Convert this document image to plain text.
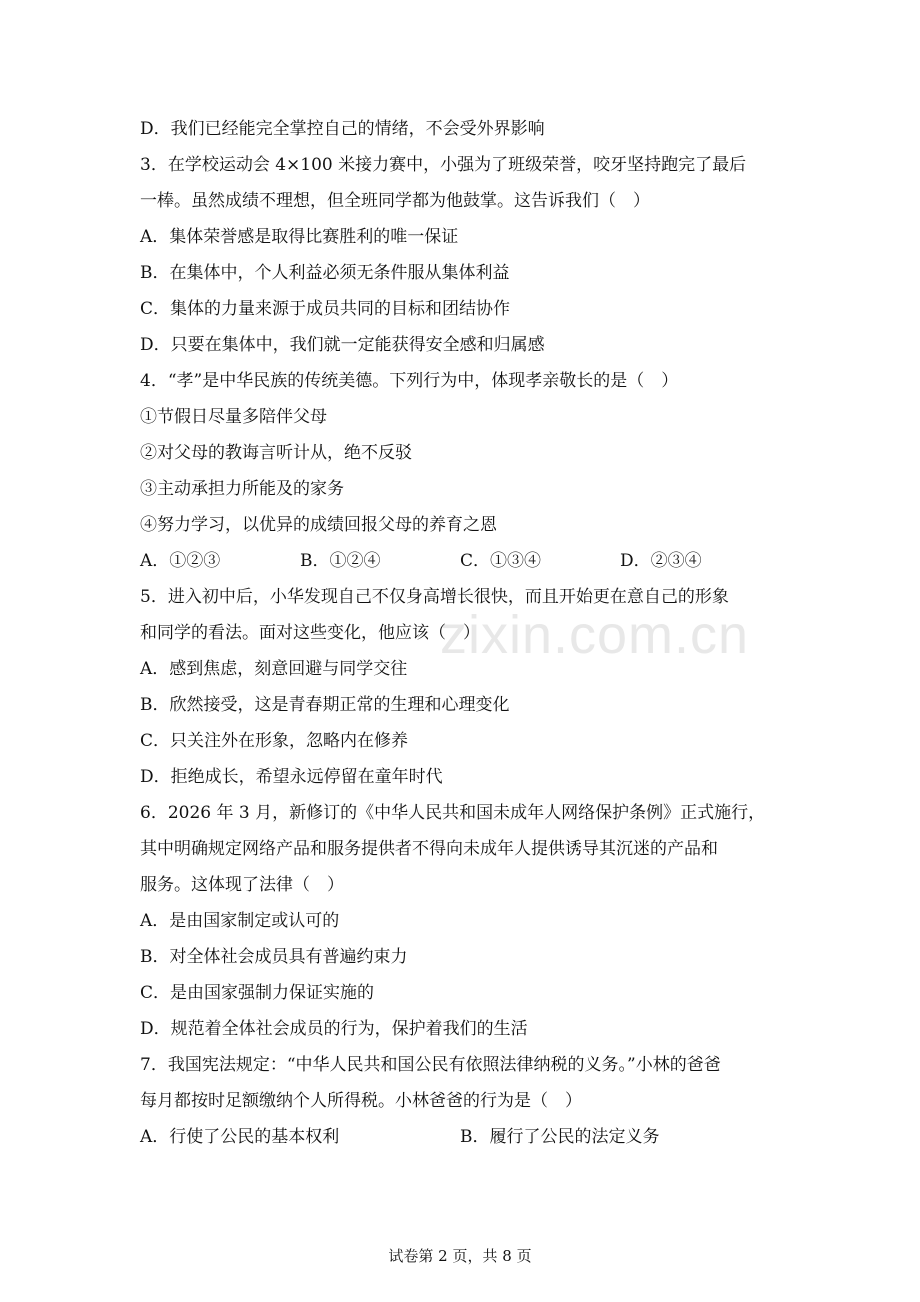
zixin.com.cn
D．我们已经能完全掌控自己的情绪，不会受外界影响
3．在学校运动会 4×100 米接力赛中，小强为了班级荣誉，咬牙坚持跑完了最后
一棒。虽然成绩不理想，但全班同学都为他鼓掌。这告诉我们（　）
A．集体荣誉感是取得比赛胜利的唯一保证
B．在集体中，个人利益必须无条件服从集体利益
C．集体的力量来源于成员共同的目标和团结协作
D．只要在集体中，我们就一定能获得安全感和归属感
4．“孝”是中华民族的传统美德。下列行为中，体现孝亲敬长的是（　）
①节假日尽量多陪伴父母
②对父母的教诲言听计从，绝不反驳
③主动承担力所能及的家务
④努力学习，以优异的成绩回报父母的养育之恩
A．①②③	B．①②④	C．①③④	D．②③④
5．进入初中后，小华发现自己不仅身高增长很快，而且开始更在意自己的形象
和同学的看法。面对这些变化，他应该（　）
A．感到焦虑，刻意回避与同学交往
B．欣然接受，这是青春期正常的生理和心理变化
C．只关注外在形象，忽略内在修养
D．拒绝成长，希望永远停留在童年时代
6．2026 年 3 月，新修订的《中华人民共和国未成年人网络保护条例》正式施行，
其中明确规定网络产品和服务提供者不得向未成年人提供诱导其沉迷的产品和
服务。这体现了法律（　）
A．是由国家制定或认可的
B．对全体社会成员具有普遍约束力
C．是由国家强制力保证实施的
D．规范着全体社会成员的行为，保护着我们的生活
7．我国宪法规定：“中华人民共和国公民有依照法律纳税的义务。”小林的爸爸
每月都按时足额缴纳个人所得税。小林爸爸的行为是（　）
A．行使了公民的基本权利	B．履行了公民的法定义务
试卷第 2 页，共 8 页
